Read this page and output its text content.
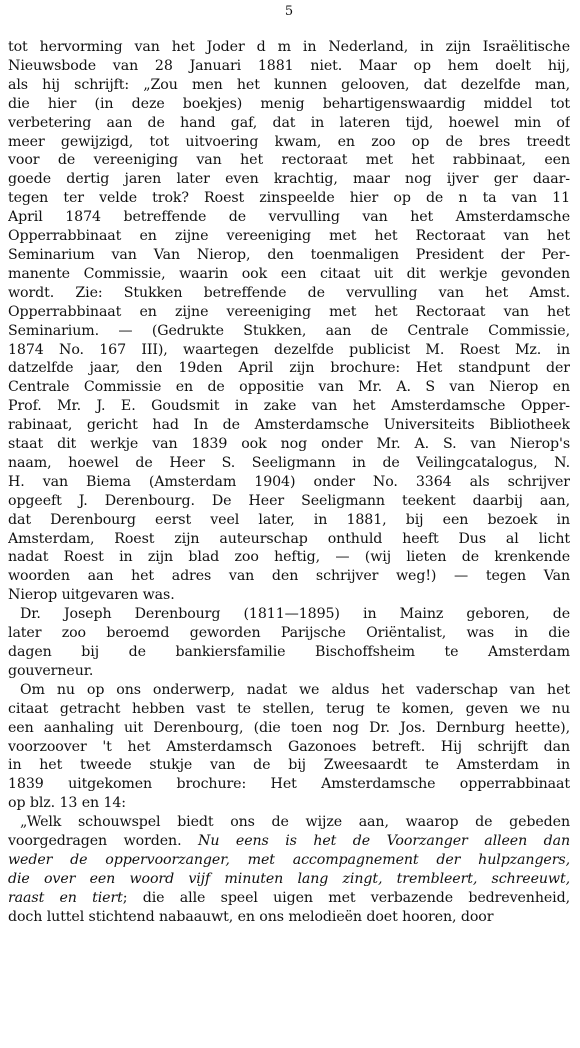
5
tot hervorming van het Joder d m in Nederland, in zijn Israëlitische
Nieuwsbode van 28 Januari 1881 niet. Maar op hem doelt hij,
als hij schrijft: „Zou men het kunnen gelooven, dat dezelfde man,
die hier (in deze boekjes) menig behartigenswaardig middel tot
verbetering aan de hand gaf, dat in lateren tijd, hoewel min of
meer gewijzigd, tot uitvoering kwam, en zoo op de bres treedt
voor de vereeniging van het rectoraat met het rabbinaat, een
goede dertig jaren later even krachtig, maar nog ijver ger daar-
tegen ter velde trok? Roest zinspeelde hier op de n ta van 11
April 1874 betreffende de vervulling van het Amsterdamsche
Opperrabbinaat en zijne vereeniging met het Rectoraat van het
Seminarium van Van Nierop, den toenmaligen President der Per-
manente Commissie, waarin ook een citaat uit dit werkje gevonden
wordt. Zie: Stukken betreffende de vervulling van het Amst.
Opperrabbinaat en zijne vereeniging met het Rectoraat van het
Seminarium. — (Gedrukte Stukken, aan de Centrale Commissie,
1874 No. 167 III), waartegen dezelfde publicist M. Roest Mz. in
datzelfde jaar, den 19den April zijn brochure: Het standpunt der
Centrale Commissie en de oppositie van Mr. A. S van Nierop en
Prof. Mr. J. E. Goudsmit in zake van het Amsterdamsche Opper-
rabinaat, gericht had In de Amsterdamsche Universiteits Bibliotheek
staat dit werkje van 1839 ook nog onder Mr. A. S. van Nierop's
naam, hoewel de Heer S. Seeligmann in de Veilingcatalogus, N.
H. van Biema (Amsterdam 1904) onder No. 3364 als schrijver
opgeeft J. Derenbourg. De Heer Seeligmann teekent daarbij aan,
dat Derenbourg eerst veel later, in 1881, bij een bezoek in
Amsterdam, Roest zijn auteurschap onthuld heeft Dus al licht
nadat Roest in zijn blad zoo heftig, — (wij lieten de krenkende
woorden aan het adres van den schrijver weg!) — tegen Van
Nierop uitgevaren was.
Dr. Joseph Derenbourg (1811—1895) in Mainz geboren, de
later zoo beroemd geworden Parijsche Oriëntalist, was in die
dagen bij de bankiersfamilie Bischoffsheim te Amsterdam
gouverneur.
Om nu op ons onderwerp, nadat we aldus het vaderschap van het
citaat getracht hebben vast te stellen, terug te komen, geven we nu
een aanhaling uit Derenbourg, (die toen nog Dr. Jos. Dernburg heette),
voorzoover 't het Amsterdamsch Gazonoes betreft. Hij schrijft dan
in het tweede stukje van de bij Zweesaardt te Amsterdam in
1839 uitgekomen brochure: Het Amsterdamsche opperrabbinaat
op blz. 13 en 14:
„Welk schouwspel biedt ons de wijze aan, waarop de gebeden
voorgedragen worden. Nu eens is het de Voorzanger alleen dan
weder de oppervoorzanger, met accompagnement der hulpzangers,
die over een woord vijf minuten lang zingt, trembleert, schreeuwt,
raast en tiert; die alle speel uigen met verbazende bedrevenheid,
doch luttel stichtend nabaauwt, en ons melodieën doet hooren, door
